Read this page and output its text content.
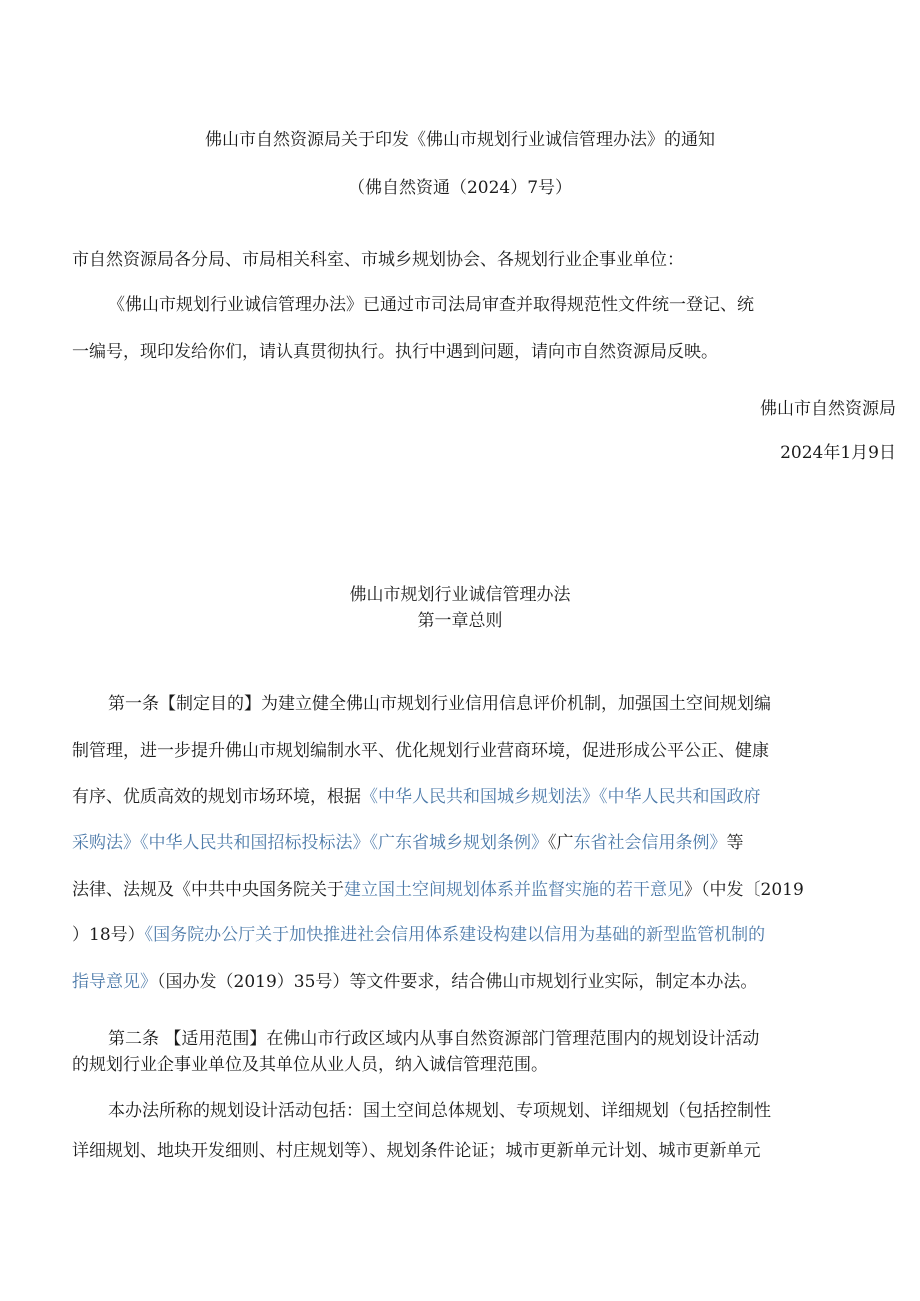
佛山市自然资源局关于印发《佛山市规划行业诚信管理办法》的通知
（佛自然资通（2024）7号）
市自然资源局各分局、市局相关科室、市城乡规划协会、各规划行业企事业单位：
《佛山市规划行业诚信管理办法》已通过市司法局审查并取得规范性文件统一登记、统
一编号，现印发给你们，请认真贯彻执行。执行中遇到问题，请向市自然资源局反映。
佛山市自然资源局
2024年1月9日
佛山市规划行业诚信管理办法
第一章总则
第一条【制定目的】为建立健全佛山市规划行业信用信息评价机制，加强国土空间规划编
制管理，进一步提升佛山市规划编制水平、优化规划行业营商环境，促进形成公平公正、健康
有序、优质高效的规划市场环境，根据《中华人民共和国城乡规划法》《中华人民共和国政府
采购法》《中华人民共和国招标投标法》《广东省城乡规划条例》《广东省社会信用条例》等
法律、法规及《中共中央国务院关于建立国土空间规划体系并监督实施的若干意见》（中发〔2019
）18号）《国务院办公厅关于加快推进社会信用体系建设构建以信用为基础的新型监管机制的
指导意见》（国办发（2019）35号）等文件要求，结合佛山市规划行业实际，制定本办法。
第二条 【适用范围】在佛山市行政区域内从事自然资源部门管理范围内的规划设计活动
的规划行业企事业单位及其单位从业人员，纳入诚信管理范围。
本办法所称的规划设计活动包括：国土空间总体规划、专项规划、详细规划（包括控制性
详细规划、地块开发细则、村庄规划等）、规划条件论证；城市更新单元计划、城市更新单元
